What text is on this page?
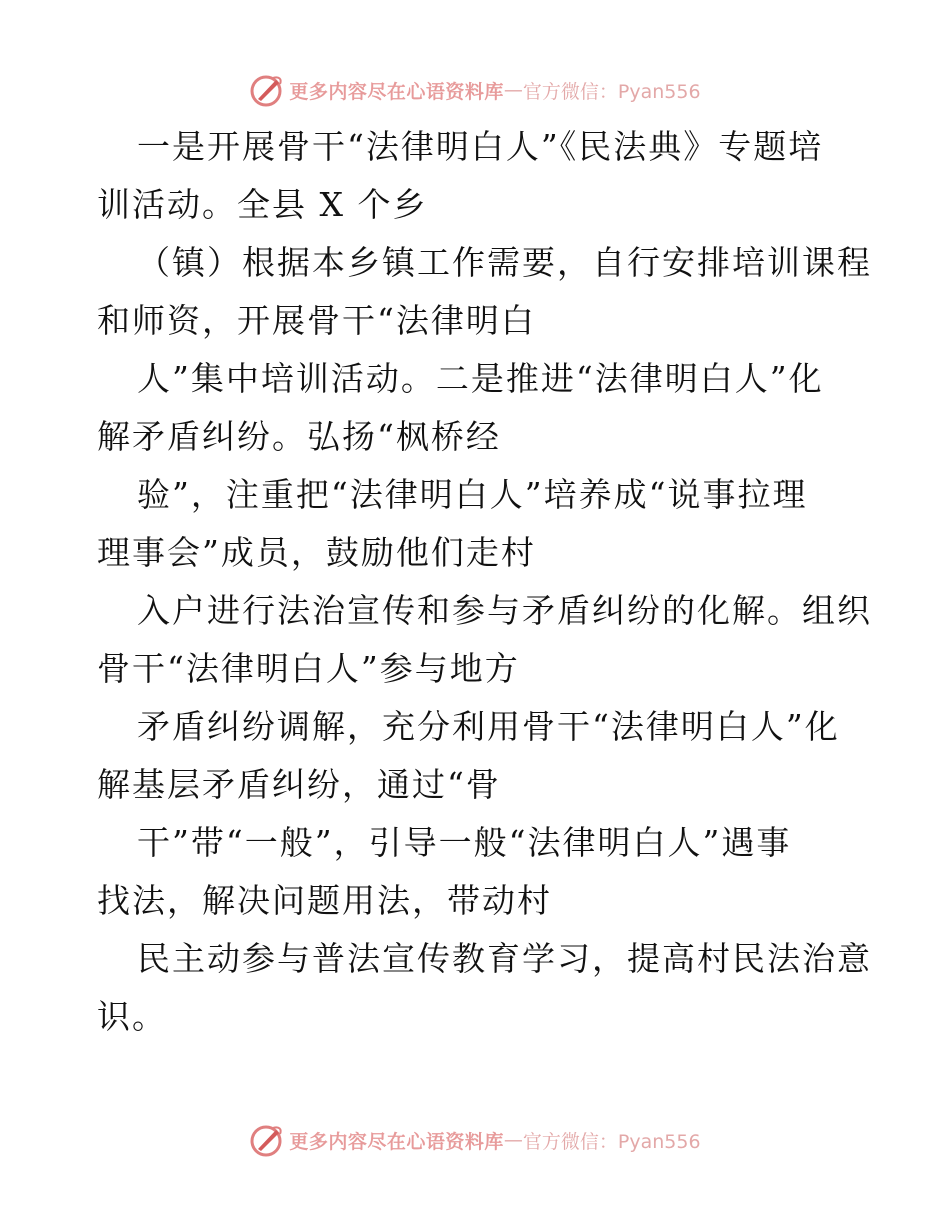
更多内容尽在心语资料库 — 官方微信：Pyan556
一是开展骨干“法律明白人”《民法典》专题培
训活动。全县 X 个乡
（镇）根据本乡镇工作需要，自行安排培训课程
和师资，开展骨干“法律明白
人”集中培训活动。二是推进“法律明白人”化
解矛盾纠纷。弘扬“枫桥经
验”，注重把“法律明白人”培养成“说事拉理
理事会”成员，鼓励他们走村
入户进行法治宣传和参与矛盾纠纷的化解。组织
骨干“法律明白人”参与地方
矛盾纠纷调解，充分利用骨干“法律明白人”化
解基层矛盾纠纷，通过“骨
干”带“一般”，引导一般“法律明白人”遇事
找法，解决问题用法，带动村
民主动参与普法宣传教育学习，提高村民法治意
识。
更多内容尽在心语资料库 — 官方微信：Pyan556
